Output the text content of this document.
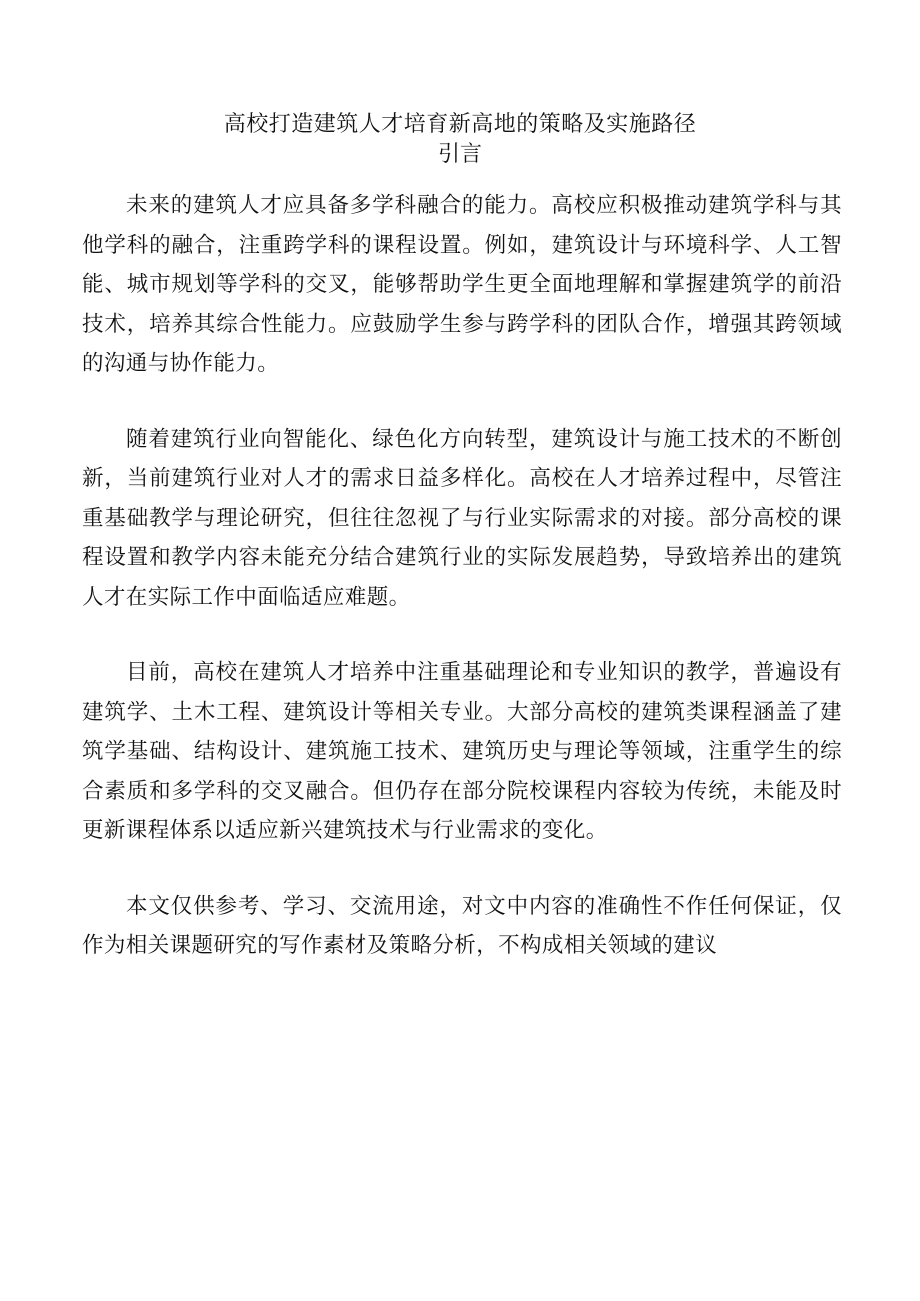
高校打造建筑人才培育新高地的策略及实施路径
引言

未来的建筑人才应具备多学科融合的能力。高校应积极推动建筑学科与其他学科的融合，注重跨学科的课程设置。例如，建筑设计与环境科学、人工智能、城市规划等学科的交叉，能够帮助学生更全面地理解和掌握建筑学的前沿技术，培养其综合性能力。应鼓励学生参与跨学科的团队合作，增强其跨领域的沟通与协作能力。

随着建筑行业向智能化、绿色化方向转型，建筑设计与施工技术的不断创新，当前建筑行业对人才的需求日益多样化。高校在人才培养过程中，尽管注重基础教学与理论研究，但往往忽视了与行业实际需求的对接。部分高校的课程设置和教学内容未能充分结合建筑行业的实际发展趋势，导致培养出的建筑人才在实际工作中面临适应难题。

目前，高校在建筑人才培养中注重基础理论和专业知识的教学，普遍设有建筑学、土木工程、建筑设计等相关专业。大部分高校的建筑类课程涵盖了建筑学基础、结构设计、建筑施工技术、建筑历史与理论等领域，注重学生的综合素质和多学科的交叉融合。但仍存在部分院校课程内容较为传统，未能及时更新课程体系以适应新兴建筑技术与行业需求的变化。

本文仅供参考、学习、交流用途，对文中内容的准确性不作任何保证，仅作为相关课题研究的写作素材及策略分析，不构成相关领域的建议
